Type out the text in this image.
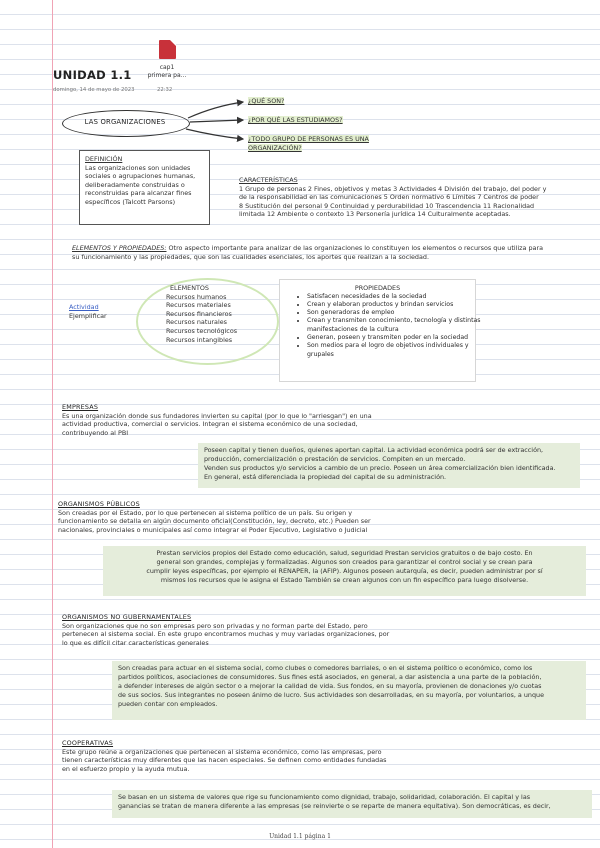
cap1
primera pa...
UNIDAD 1.1
domingo, 14 de mayo de 2023	22:32
LAS ORGANIZACIONES
¿QUÉ SON?
¿POR QUÉ LAS ESTUDIAMOS?
¿TODO GRUPO DE PERSONAS ES UNA
ORGANIZACIÓN?
DEFINICIÓN
Las organizaciones son unidades
sociales o agrupaciones humanas,
deliberadamente construidas o
reconstruidas para alcanzar fines
específicos (Talcott Parsons)
CARACTERÍSTICAS
1 Grupo de personas 2 Fines, objetivos y metas 3 Actividades 4 División del trabajo, del poder y
de la responsabilidad en las comunicaciones 5 Orden normativo 6 Límites 7 Centros de poder
8 Sustitución del personal 9 Continuidad y perdurabilidad 10 Trascendencia 11 Racionalidad
limitada 12 Ambiente o contexto 13 Personería jurídica 14 Culturalmente aceptadas.
ELEMENTOS Y PROPIEDADES: Otro aspecto importante para analizar de las organizaciones lo constituyen los elementos o recursos que utiliza para
su funcionamiento y las propiedades, que son las cualidades esenciales, los aportes que realizan a la sociedad.
Actividad
Ejemplificar
ELEMENTOS
Recursos humanos
Recursos materiales
Recursos financieros
Recursos naturales
Recursos tecnológicos
Recursos intangibles
PROPIEDADES
• Satisfacen necesidades de la sociedad
• Crean y elaboran productos y brindan servicios
• Son generadoras de empleo
• Crean y transmiten conocimiento, tecnología y distintas manifestaciones de la cultura
• Generan, poseen y transmiten poder en la sociedad
• Son medios para el logro de objetivos individuales y grupales
EMPRESAS
Es una organización donde sus fundadores invierten su capital (por lo que lo "arriesgan") en una
actividad productiva, comercial o servicios. Integran el sistema económico de una sociedad,
contribuyendo al PBI
Poseen capital y tienen dueños, quienes aportan capital. La actividad económica podrá ser de extracción,
producción, comercialización o prestación de servicios. Compiten en un mercado.
Venden sus productos y/o servicios a cambio de un precio. Poseen un área comercialización bien identificada.
En general, está diferenciada la propiedad del capital de su administración.
ORGANISMOS PÚBLICOS
Son creadas por el Estado, por lo que pertenecen al sistema político de un país. Su origen y
funcionamiento se detalla en algún documento oficial(Constitución, ley, decreto, etc.) Pueden ser
nacionales, provinciales o municipales así como integrar el Poder Ejecutivo, Legislativo o Judicial
Prestan servicios propios del Estado como educación, salud, seguridad Prestan servicios gratuitos o de bajo costo. En
general son grandes, complejas y formalizadas. Algunos son creados para garantizar el control social y se crean para
cumplir leyes específicas, por ejemplo el RENAPER, la (AFIP). Algunos poseen autarquía, es decir, pueden administrar por sí
mismos los recursos que le asigna el Estado También se crean algunos con un fin específico para luego disolverse.
ORGANISMOS NO GUBERNAMENTALES
Son organizaciones que no son empresas pero son privadas y no forman parte del Estado, pero
pertenecen al sistema social. En este grupo encontramos muchas y muy variadas organizaciones, por
lo que es difícil citar características generales
Son creadas para actuar en el sistema social, como clubes o comedores barriales, o en el sistema político o económico, como los
partidos políticos, asociaciones de consumidores. Sus fines está asociados, en general, a dar asistencia a una parte de la población,
a defender intereses de algún sector o a mejorar la calidad de vida. Sus fondos, en su mayoría, provienen de donaciones y/o cuotas
de sus socios. Sus integrantes no poseen ánimo de lucro. Sus actividades son desarrolladas, en su mayoría, por voluntarios, a unque
pueden contar con empleados.
COOPERATIVAS
Este grupo reúne a organizaciones que pertenecen al sistema económico, como las empresas, pero
tienen características muy diferentes que las hacen especiales. Se definen como entidades fundadas
en el esfuerzo propio y la ayuda mutua.
Se basan en un sistema de valores que rige su funcionamiento como dignidad, trabajo, solidaridad, colaboración. El capital y las
ganancias se tratan de manera diferente a las empresas (se reinvierte o se reparte de manera equitativa). Son democráticas, es decir,
Unidad 1.1 página 1
